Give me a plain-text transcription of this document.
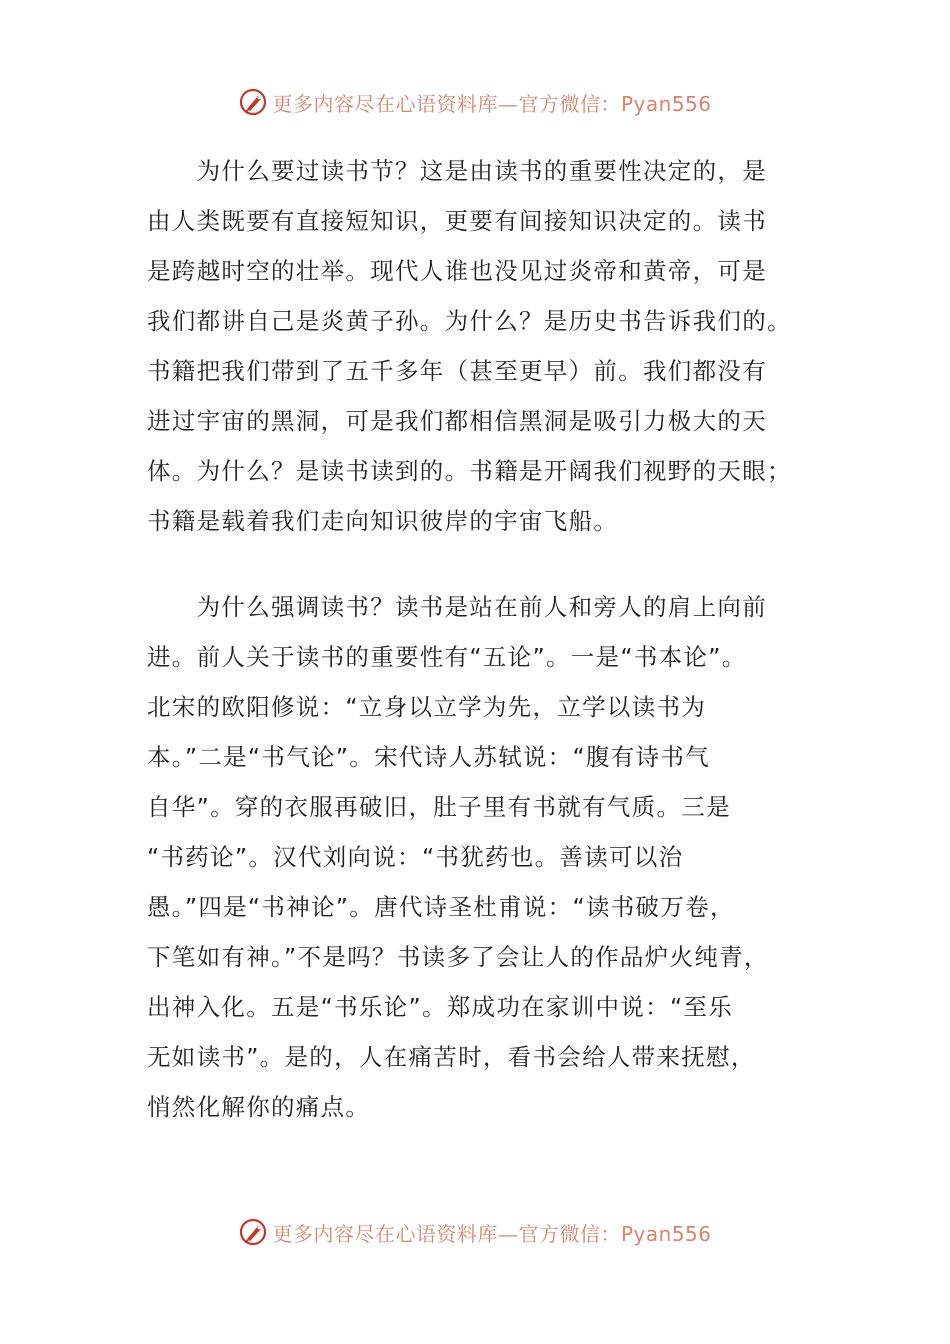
更多内容尽在心语资料库—官方微信：Pyan556
　　为什么要过读书节？这是由读书的重要性决定的，是
由人类既要有直接短知识，更要有间接知识决定的。读书
是跨越时空的壮举。现代人谁也没见过炎帝和黄帝，可是
我们都讲自己是炎黄子孙。为什么？是历史书告诉我们的。
书籍把我们带到了五千多年（甚至更早）前。我们都没有
进过宇宙的黑洞，可是我们都相信黑洞是吸引力极大的天
体。为什么？是读书读到的。书籍是开阔我们视野的天眼；
书籍是载着我们走向知识彼岸的宇宙飞船。
　　为什么强调读书？读书是站在前人和旁人的肩上向前
进。前人关于读书的重要性有“五论”。一是“书本论”。
北宋的欧阳修说：“立身以立学为先，立学以读书为
本。”二是“书气论”。宋代诗人苏轼说：“腹有诗书气
自华”。穿的衣服再破旧，肚子里有书就有气质。三是
“书药论”。汉代刘向说：“书犹药也。善读可以治
愚。”四是“书神论”。唐代诗圣杜甫说：“读书破万卷，
下笔如有神。”不是吗？书读多了会让人的作品炉火纯青，
出神入化。五是“书乐论”。郑成功在家训中说：“至乐
无如读书”。是的，人在痛苦时，看书会给人带来抚慰，
悄然化解你的痛点。
更多内容尽在心语资料库—官方微信：Pyan556
